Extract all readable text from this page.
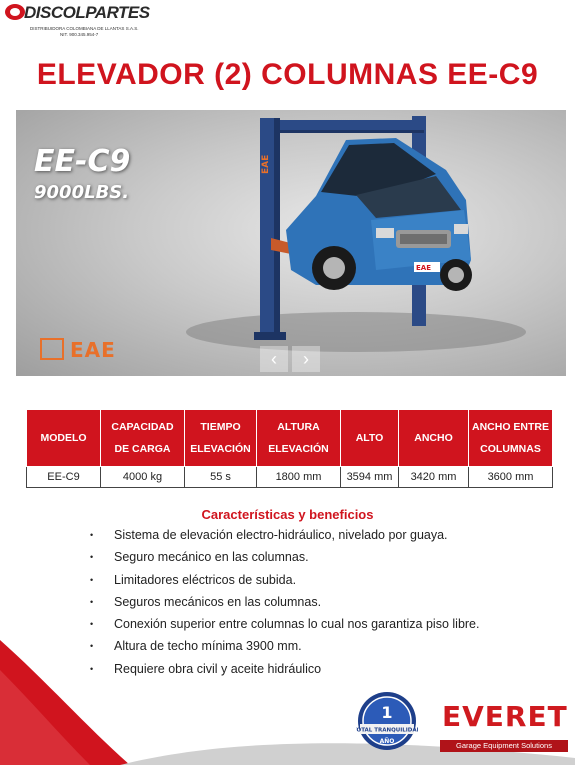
DISCOLPARTES
DISTRIBUIDORA COLOMBIANA DE LLANTAS S.A.S.
NIT. 900.345.954-7
ELEVADOR (2) COLUMNAS EE-C9
EAE
EAE
EE-C9
9000LBS.
EAE	‹	›
MODELO	CAPACIDAD DE CARGA	TIEMPO ELEVACIÓN	ALTURA ELEVACIÓN	ALTO	ANCHO	ANCHO ENTRE COLUMNAS
EE-C9	4000 kg	55 s	1800 mm	3594 mm	3420 mm	3600 mm
Características y beneficios
• Sistema de elevación electro-hidráulico, nivelado por guaya.
• Seguro mecánico en las columnas.
• Limitadores eléctricos de subida.
• Seguros mecánicos en las columnas.
• Conexión superior entre columnas lo cual nos garantiza piso libre.
• Altura de techo mínima 3900 mm.
• Requiere obra civil y aceite hidráulico
TOTAL TRANQUILIDAD
1
AÑO
EVERET
Garage Equipment Solutions
